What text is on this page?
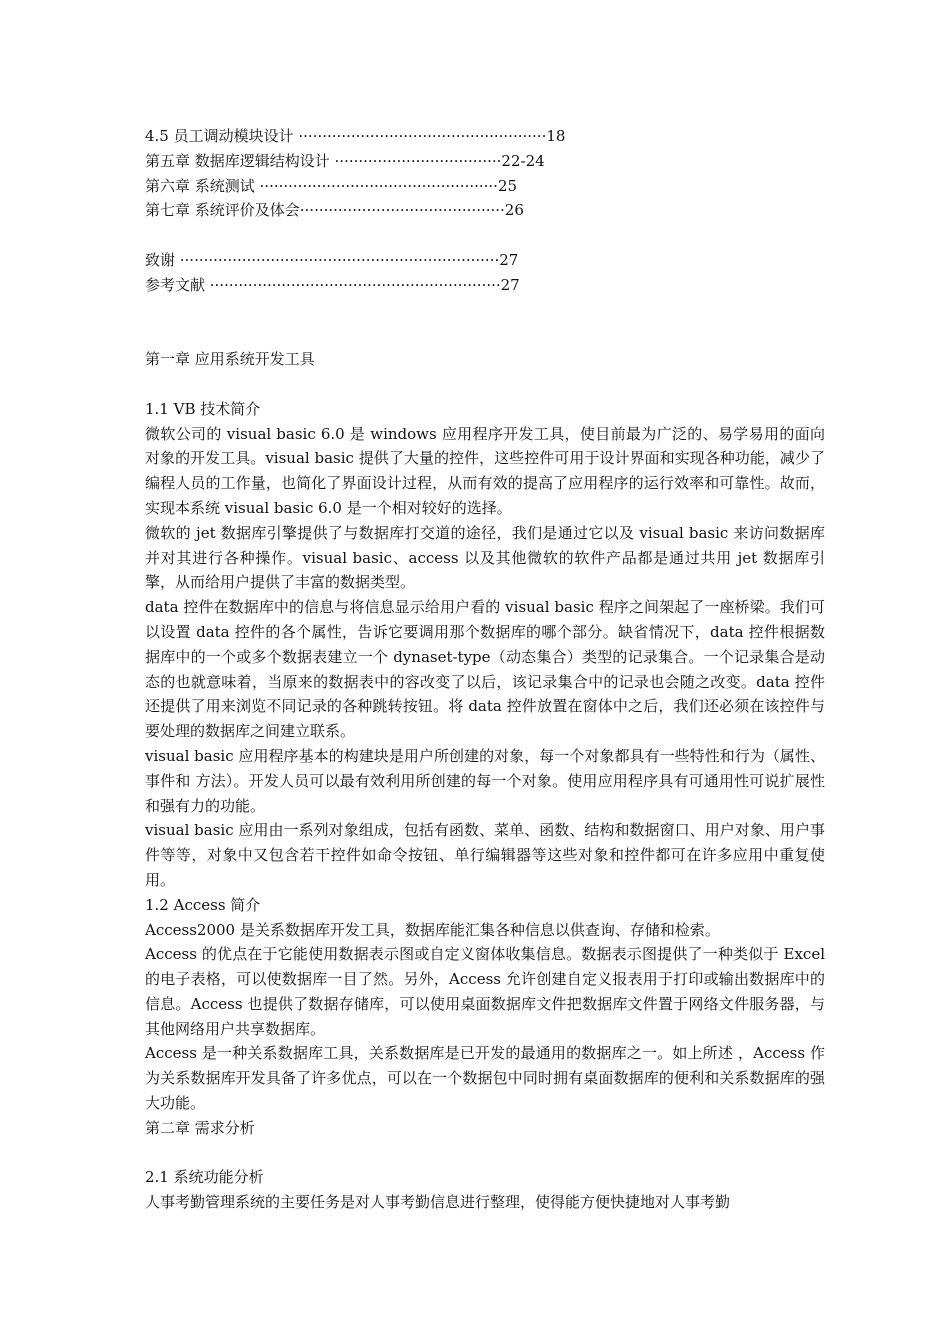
4.5 员工调动模块设计 ····················································18
第五章 数据库逻辑结构设计 ···································22-24
第六章 系统测试 ··················································25
第七章 系统评价及体会···········································26
致谢 ···································································27
参考文献 ·····························································27
第一章 应用系统开发工具
1.1 VB 技术简介

微软公司的 visual basic 6.0 是 windows 应用程序开发工具，使目前最为广泛的、易学易用的面向对象的开发工具。visual basic 提供了大量的控件，这些控件可用于设计界面和实现各种功能，减少了编程人员的工作量，也简化了界面设计过程，从而有效的提高了应用程序的运行效率和可靠性。故而，实现本系统 visual basic 6.0 是一个相对较好的选择。

微软的 jet 数据库引擎提供了与数据库打交道的途径，我们是通过它以及 visual basic 来访问数据库并对其进行各种操作。visual basic、access 以及其他微软的软件产品都是通过共用 jet 数据库引擎，从而给用户提供了丰富的数据类型。

data 控件在数据库中的信息与将信息显示给用户看的 visual basic 程序之间架起了一座桥梁。我们可以设置 data 控件的各个属性，告诉它要调用那个数据库的哪个部分。缺省情况下，data 控件根据数据库中的一个或多个数据表建立一个 dynaset-type（动态集合）类型的记录集合。一个记录集合是动态的也就意味着，当原来的数据表中的容改变了以后，该记录集合中的记录也会随之改变。data 控件还提供了用来浏览不同记录的各种跳转按钮。将 data 控件放置在窗体中之后，我们还必须在该控件与要处理的数据库之间建立联系。

visual basic 应用程序基本的构建块是用户所创建的对象，每一个对象都具有一些特性和行为（属性、事件和 方法）。开发人员可以最有效利用所创建的每一个对象。使用应用程序具有可通用性可说扩展性和强有力的功能。

visual basic 应用由一系列对象组成，包括有函数、菜单、函数、结构和数据窗口、用户对象、用户事件等等，对象中又包含若干控件如命令按钮、单行编辑器等这些对象和控件都可在许多应用中重复使用。

1.2 Access 简介

Access2000 是关系数据库开发工具，数据库能汇集各种信息以供查询、存储和检索。

Access 的优点在于它能使用数据表示图或自定义窗体收集信息。数据表示图提供了一种类似于 Excel 的电子表格，可以使数据库一目了然。另外，Access 允许创建自定义报表用于打印或输出数据库中的信息。Access 也提供了数据存储库，可以使用桌面数据库文件把数据库文件置于网络文件服务器，与其他网络用户共享数据库。

Access 是一种关系数据库工具，关系数据库是已开发的最通用的数据库之一。如上所述 ，Access 作为关系数据库开发具备了许多优点，可以在一个数据包中同时拥有桌面数据库的便利和关系数据库的强大功能。

第二章 需求分析
2.1 系统功能分析

人事考勤管理系统的主要任务是对人事考勤信息进行整理，使得能方便快捷地对人事考勤
